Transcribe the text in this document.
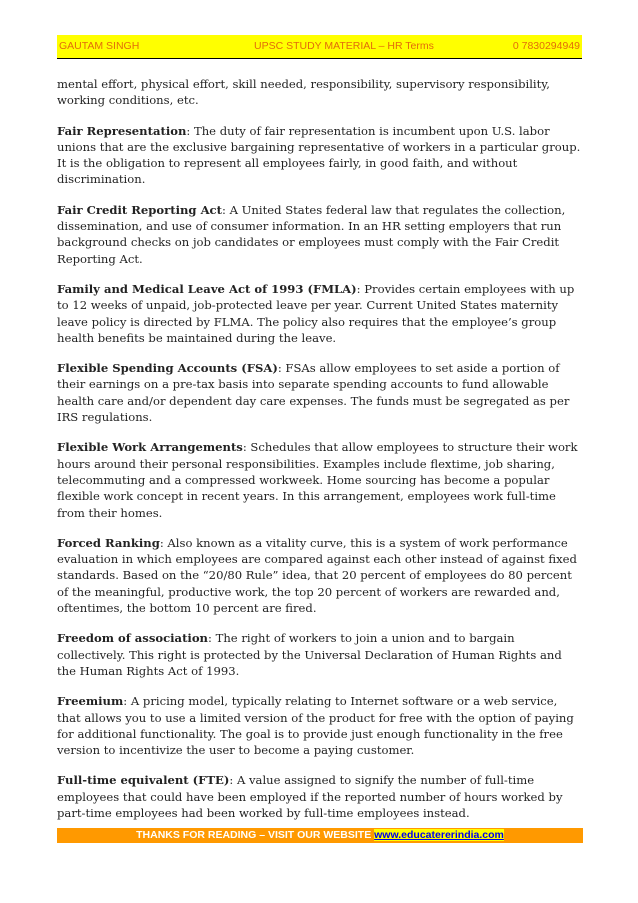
GAUTAM SINGH	UPSC STUDY MATERIAL – HR Terms	0 7830294949

mental effort, physical effort, skill needed, responsibility, supervisory responsibility, working conditions, etc.

Fair Representation: The duty of fair representation is incumbent upon U.S. labor unions that are the exclusive bargaining representative of workers in a particular group. It is the obligation to represent all employees fairly, in good faith, and without discrimination.

Fair Credit Reporting Act: A United States federal law that regulates the collection, dissemination, and use of consumer information. In an HR setting employers that run background checks on job candidates or employees must comply with the Fair Credit Reporting Act.

Family and Medical Leave Act of 1993 (FMLA): Provides certain employees with up to 12 weeks of unpaid, job-protected leave per year. Current United States maternity leave policy is directed by FLMA. The policy also requires that the employee’s group health benefits be maintained during the leave.

Flexible Spending Accounts (FSA): FSAs allow employees to set aside a portion of their earnings on a pre-tax basis into separate spending accounts to fund allowable health care and/or dependent day care expenses. The funds must be segregated as per IRS regulations.

Flexible Work Arrangements: Schedules that allow employees to structure their work hours around their personal responsibilities. Examples include flextime, job sharing, telecommuting and a compressed workweek. Home sourcing has become a popular flexible work concept in recent years. In this arrangement, employees work full-time from their homes.

Forced Ranking: Also known as a vitality curve, this is a system of work performance evaluation in which employees are compared against each other instead of against fixed standards. Based on the “20/80 Rule” idea, that 20 percent of employees do 80 percent of the meaningful, productive work, the top 20 percent of workers are rewarded and, oftentimes, the bottom 10 percent are fired.

Freedom of association: The right of workers to join a union and to bargain collectively. This right is protected by the Universal Declaration of Human Rights and the Human Rights Act of 1993.

Freemium: A pricing model, typically relating to Internet software or a web service, that allows you to use a limited version of the product for free with the option of paying for additional functionality. The goal is to provide just enough functionality in the free version to incentivize the user to become a paying customer.

Full-time equivalent (FTE): A value assigned to signify the number of full-time employees that could have been employed if the reported number of hours worked by part-time employees had been worked by full-time employees instead.

THANKS FOR READING – VISIT OUR WEBSITE www.educatererindia.com
